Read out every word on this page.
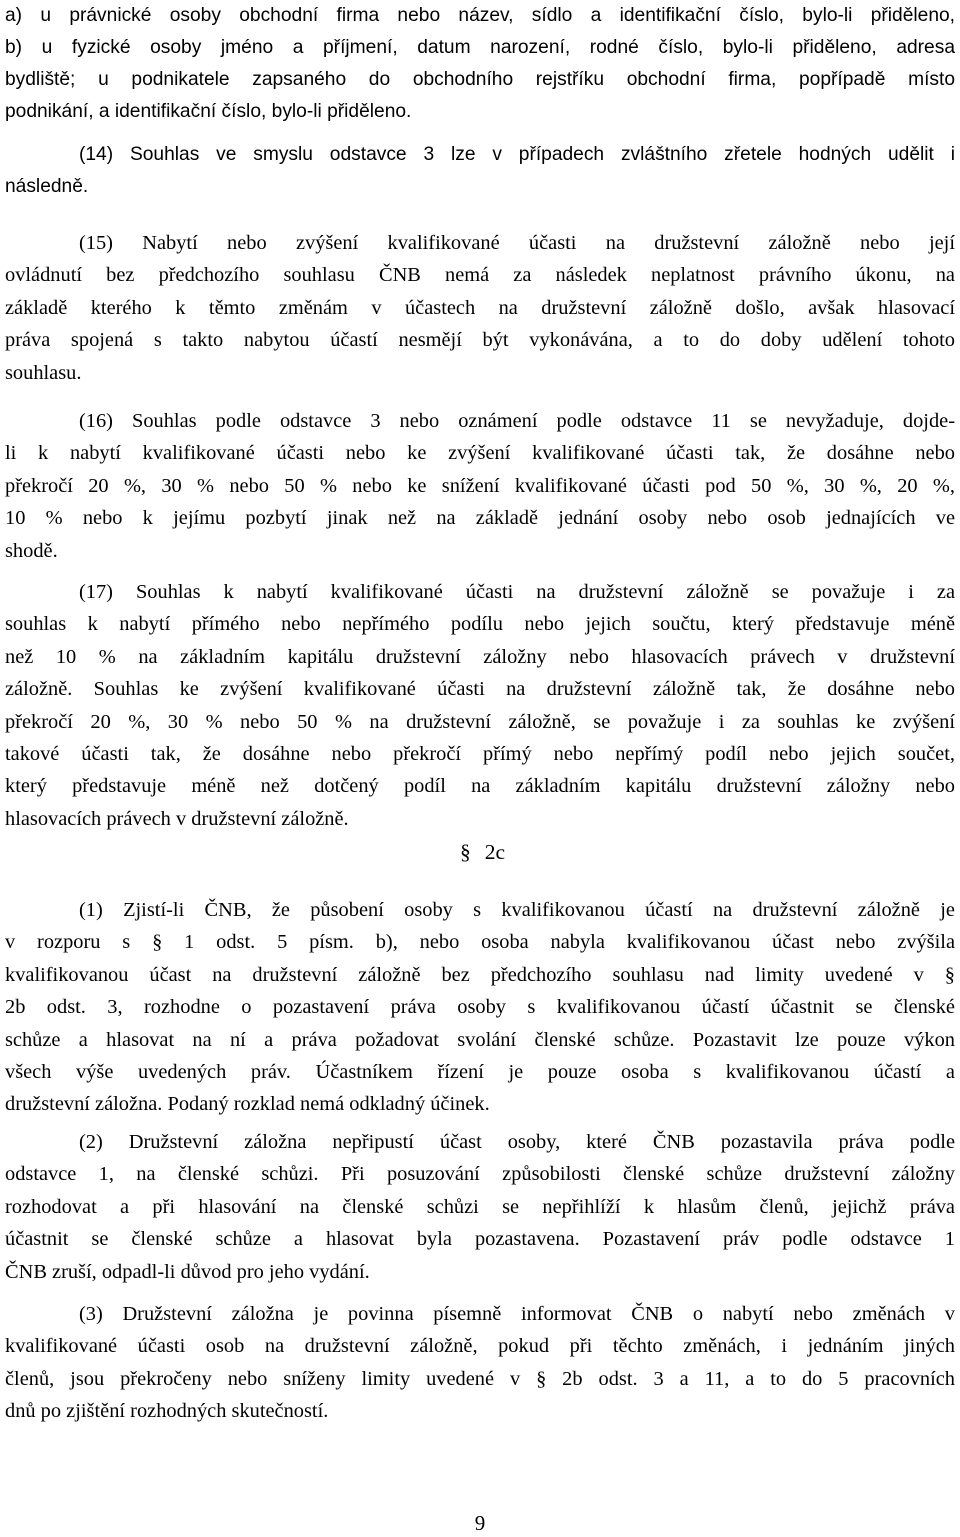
a) u právnické osoby obchodní firma nebo název, sídlo a identifikační číslo, bylo-li přiděleno,
b) u fyzické osoby jméno a příjmení, datum narození, rodné číslo, bylo-li přiděleno, adresa
bydliště; u podnikatele zapsaného do obchodního rejstříku obchodní firma, popřípadě místo
podnikání, a identifikační číslo, bylo-li přiděleno.
(14) Souhlas ve smyslu odstavce 3 lze v případech zvláštního zřetele hodných udělit i
následně.
(15) Nabytí nebo zvýšení kvalifikované účasti na družstevní záložně nebo její
ovládnutí bez předchozího souhlasu ČNB nemá za následek neplatnost právního úkonu, na
základě kterého k těmto změnám v účastech na družstevní záložně došlo, avšak hlasovací
práva spojená s takto nabytou účastí nesmějí být vykonávána, a to do doby udělení tohoto
souhlasu.
(16) Souhlas podle odstavce 3 nebo oznámení podle odstavce 11 se nevyžaduje, dojde-
li k nabytí kvalifikované účasti nebo ke zvýšení kvalifikované účasti tak, že dosáhne nebo
překročí 20 %, 30 % nebo 50 % nebo ke snížení kvalifikované účasti pod 50 %, 30 %, 20 %,
10 % nebo k jejímu pozbytí jinak než na základě jednání osoby nebo osob jednajících ve
shodě.
(17) Souhlas k nabytí kvalifikované účasti na družstevní záložně se považuje i za
souhlas k nabytí přímého nebo nepřímého podílu nebo jejich součtu, který představuje méně
než 10 % na základním kapitálu družstevní záložny nebo hlasovacích právech v družstevní
záložně. Souhlas ke zvýšení kvalifikované účasti na družstevní záložně tak, že dosáhne nebo
překročí 20 %, 30 % nebo 50 % na družstevní záložně, se považuje i za souhlas ke zvýšení
takové účasti tak, že dosáhne nebo překročí přímý nebo nepřímý podíl nebo jejich součet,
který představuje méně než dotčený podíl na základním kapitálu družstevní záložny nebo
hlasovacích právech v družstevní záložně.
§ 2c
(1) Zjistí-li ČNB, že působení osoby s kvalifikovanou účastí na družstevní záložně je
v rozporu s § 1 odst. 5 písm. b), nebo osoba nabyla kvalifikovanou účast nebo zvýšila
kvalifikovanou účast na družstevní záložně bez předchozího souhlasu nad limity uvedené v §
2b odst. 3, rozhodne o pozastavení práva osoby s kvalifikovanou účastí účastnit se členské
schůze a hlasovat na ní a práva požadovat svolání členské schůze. Pozastavit lze pouze výkon
všech výše uvedených práv. Účastníkem řízení je pouze osoba s kvalifikovanou účastí a
družstevní záložna. Podaný rozklad nemá odkladný účinek.
(2) Družstevní záložna nepřipustí účast osoby, které ČNB pozastavila práva podle
odstavce 1, na členské schůzi. Při posuzování způsobilosti členské schůze družstevní záložny
rozhodovat a při hlasování na členské schůzi se nepřihlíží k hlasům členů, jejichž práva
účastnit se členské schůze a hlasovat byla pozastavena. Pozastavení práv podle odstavce 1
ČNB zruší, odpadl-li důvod pro jeho vydání.
(3) Družstevní záložna je povinna písemně informovat ČNB o nabytí nebo změnách v
kvalifikované účasti osob na družstevní záložně, pokud při těchto změnách, i jednáním jiných
členů, jsou překročeny nebo sníženy limity uvedené v § 2b odst. 3 a 11, a to do 5 pracovních
dnů po zjištění rozhodných skutečností.
9
